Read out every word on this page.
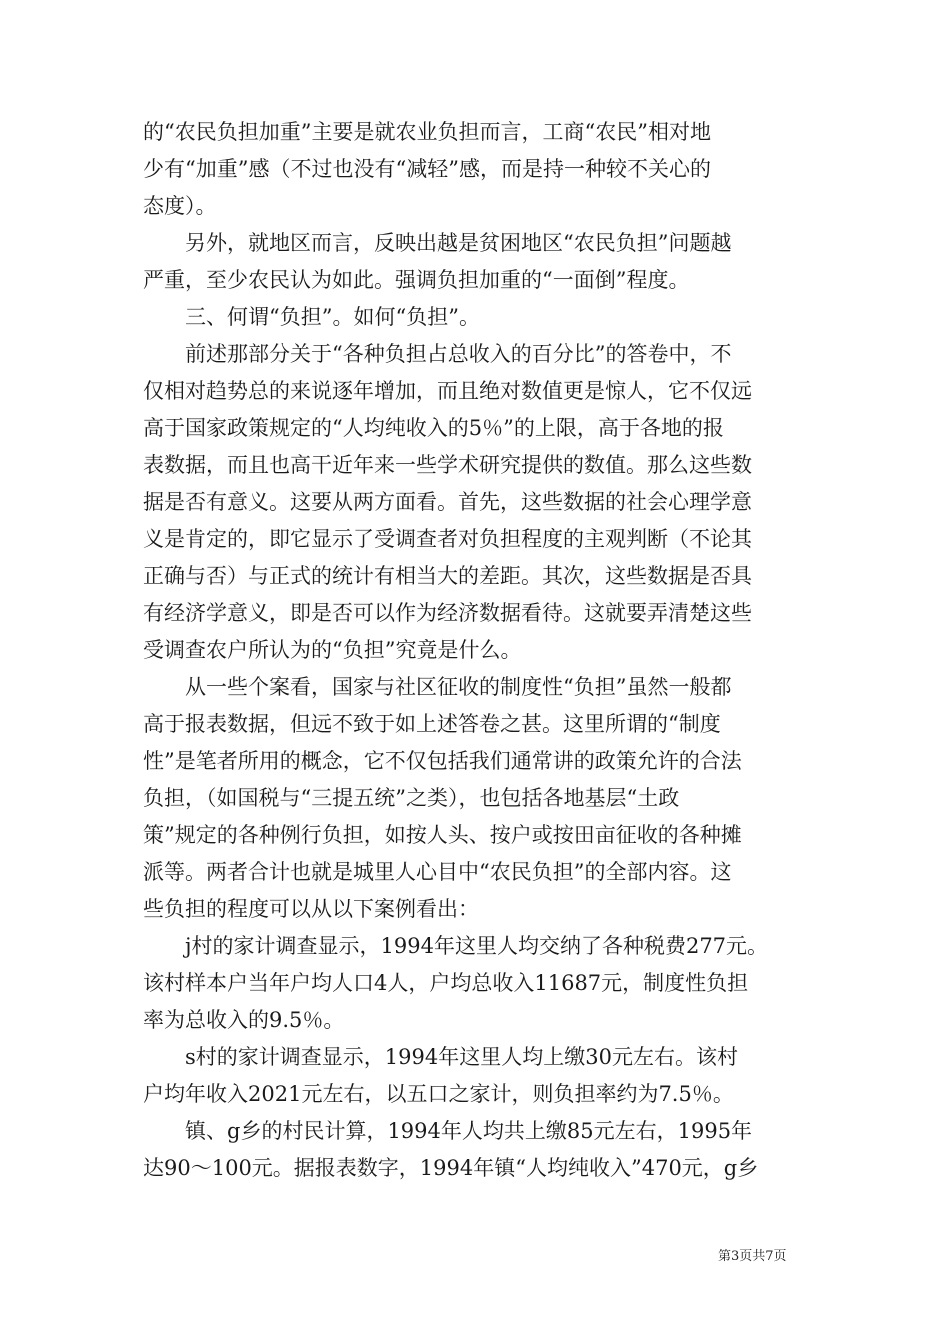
的“农民负担加重”主要是就农业负担而言，工商“农民”相对地
少有“加重”感（不过也没有“减轻”感，而是持一种较不关心的
态度）。
　　另外，就地区而言，反映出越是贫困地区“农民负担”问题越
严重，至少农民认为如此。强调负担加重的“一面倒”程度。
　　三、何谓“负担”。如何“负担”。
　　前述那部分关于“各种负担占总收入的百分比”的答卷中，不
仅相对趋势总的来说逐年增加，而且绝对数值更是惊人，它不仅远
高于国家政策规定的“人均纯收入的5％”的上限，高于各地的报
表数据，而且也高干近年来一些学术研究提供的数值。那么这些数
据是否有意义。这要从两方面看。首先，这些数据的社会心理学意
义是肯定的，即它显示了受调查者对负担程度的主观判断（不论其
正确与否）与正式的统计有相当大的差距。其次，这些数据是否具
有经济学意义，即是否可以作为经济数据看待。这就要弄清楚这些
受调查农户所认为的“负担”究竟是什么。
　　从一些个案看，国家与社区征收的制度性“负担”虽然一般都
高于报表数据，但远不致于如上述答卷之甚。这里所谓的“制度
性”是笔者所用的概念，它不仅包括我们通常讲的政策允许的合法
负担，（如国税与“三提五统”之类），也包括各地基层“土政
策”规定的各种例行负担，如按人头、按户或按田亩征收的各种摊
派等。两者合计也就是城里人心目中“农民负担”的全部内容。这
些负担的程度可以从以下案例看出：
　　j村的家计调查显示，1994年这里人均交纳了各种税费277元。
该村样本户当年户均人口4人，户均总收入11687元，制度性负担
率为总收入的9.5％。
　　s村的家计调查显示，1994年这里人均上缴30元左右。该村
户均年收入2021元左右，以五口之家计，则负担率约为7.5％。
　　镇、g乡的村民计算，1994年人均共上缴85元左右，1995年
达90～100元。据报表数字，1994年镇“人均纯收入”470元，g乡
第3页共7页
